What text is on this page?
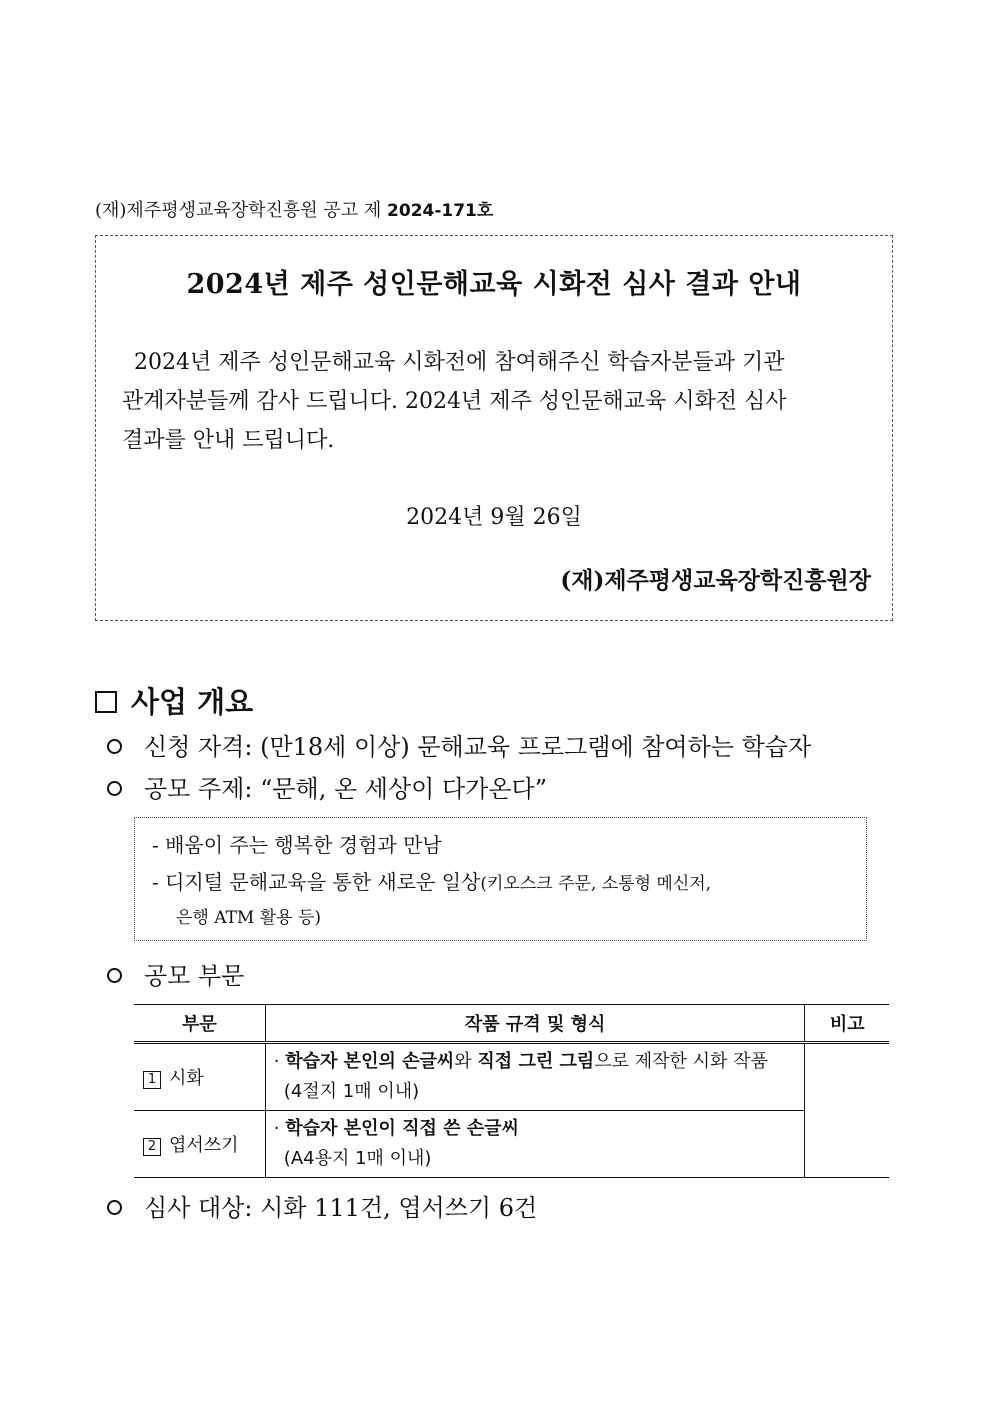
(재)제주평생교육장학진흥원 공고 제 2024-171호
2024년 제주 성인문해교육 시화전 심사 결과 안내
2024년 제주 성인문해교육 시화전에 참여해주신 학습자분들과 기관
관계자분들께 감사 드립니다. 2024년 제주 성인문해교육 시화전 심사
결과를 안내 드립니다.
2024년 9월 26일
(재)제주평생교육장학진흥원장
사업 개요
신청 자격: (만18세 이상) 문해교육 프로그램에 참여하는 학습자
공모 주제: “문해, 온 세상이 다가온다”
- 배움이 주는 행복한 경험과 만남
- 디지털 문해교육을 통한 새로운 일상(키오스크 주문, 소통형 메신저,
은행 ATM 활용 등)
공모 부문
부문	작품 규격 및 형식	비고
1 시화	· 학습자 본인의 손글씨와 직접 그린 그림으로 제작한 시화 작품
(4절지 1매 이내)	

2 엽서쓰기	· 학습자 본인이 직접 쓴 손글씨
(A4용지 1매 이내)	
심사 대상: 시화 111건, 엽서쓰기 6건
